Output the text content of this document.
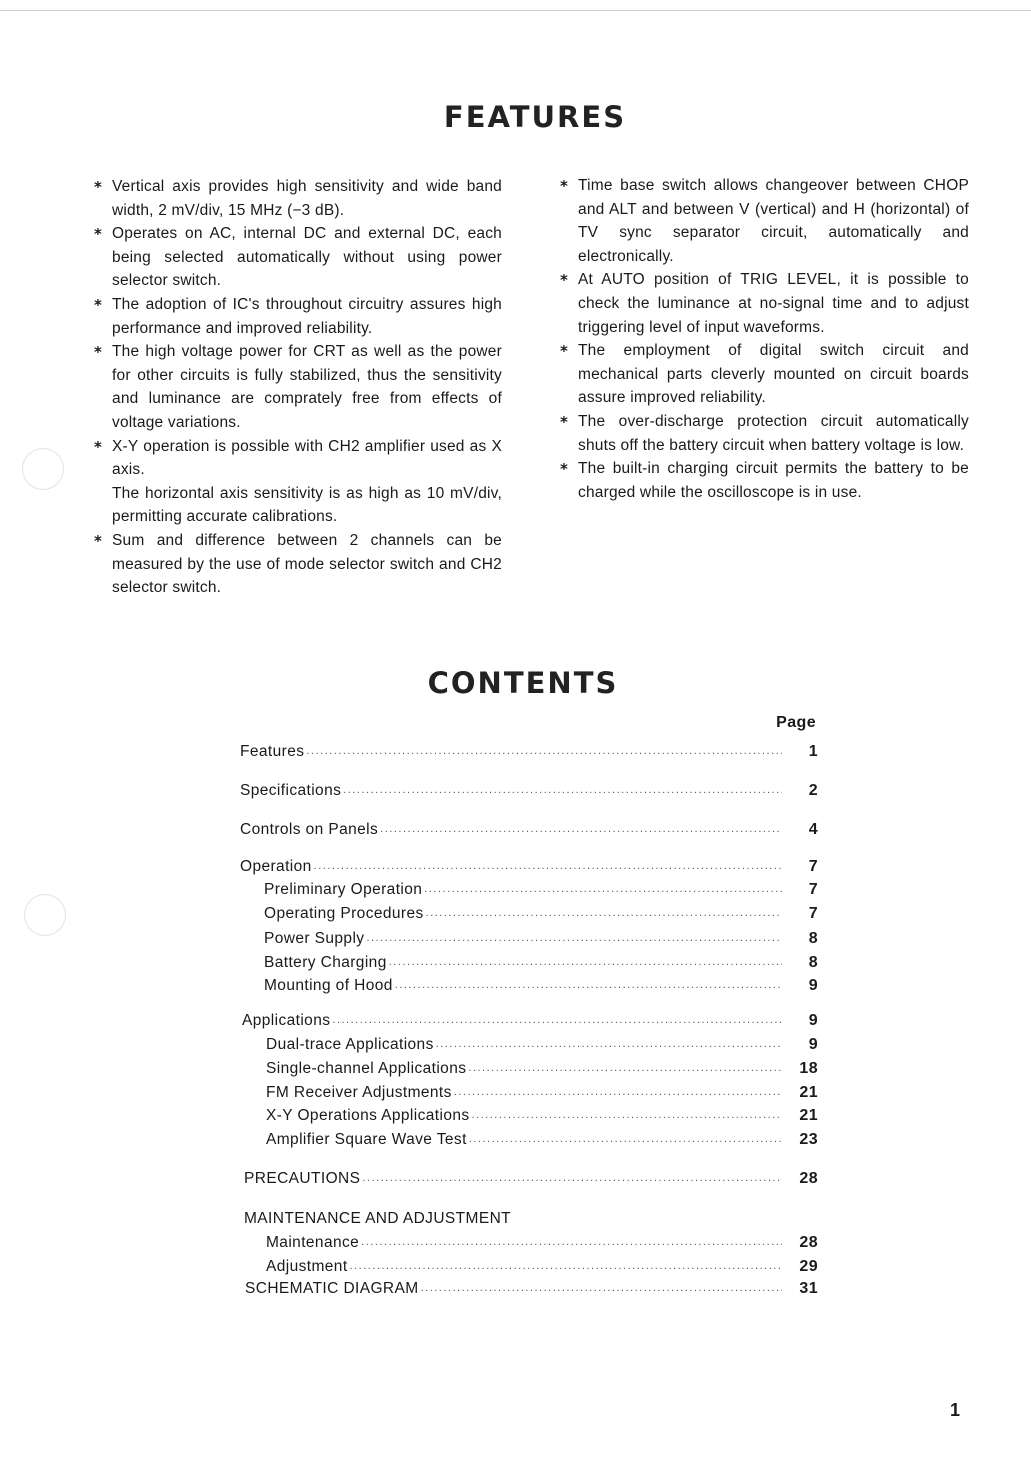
FEATURES

* Vertical axis provides high sensitivity and wide band width, 2 mV/div, 15 MHz (−3 dB).

* Operates on AC, internal DC and external DC, each being selected automatically without using power selector switch.

* The adoption of IC's throughout circuitry assures high performance and improved reliability.

* The high voltage power for CRT as well as the power for other circuits is fully stabilized, thus the sensitivity and luminance are comprately free from effects of voltage variations.

* X-Y operation is possible with CH2 amplifier used as X axis.

The horizontal axis sensitivity is as high as 10 mV/div, permitting accurate calibrations.

* Sum and difference between 2 channels can be measured by the use of mode selector switch and CH2 selector switch.

* Time base switch allows changeover between CHOP and ALT and between V (vertical) and H (horizontal) of TV sync separator circuit, automatically and electronically.

* At AUTO position of TRIG LEVEL, it is possible to check the luminance at no-signal time and to adjust triggering level of input waveforms.

* The employment of digital switch circuit and mechanical parts cleverly mounted on circuit boards assure improved reliability.

* The over-discharge protection circuit automatically shuts off the battery circuit when battery voltage is low.

* The built-in charging circuit permits the battery to be charged while the oscilloscope is in use.

CONTENTS
Page
Features .....	1
Specifications .....	2
Controls on Panels .....	4
Operation .....	7
Preliminary Operation .....	7
Operating Procedures .....	7
Power Supply .....	8
Battery Charging .....	8
Mounting of Hood .....	9
Applications .....	9
Dual-trace Applications .....	9
Single-channel Applications .....	18
FM Receiver Adjustments .....	21
X-Y Operations Applications .....	21
Amplifier Square Wave Test .....	23
PRECAUTIONS .....	28
MAINTENANCE AND ADJUSTMENT
Maintenance .....	28
Adjustment .....	29
SCHEMATIC DIAGRAM .....	31
1
